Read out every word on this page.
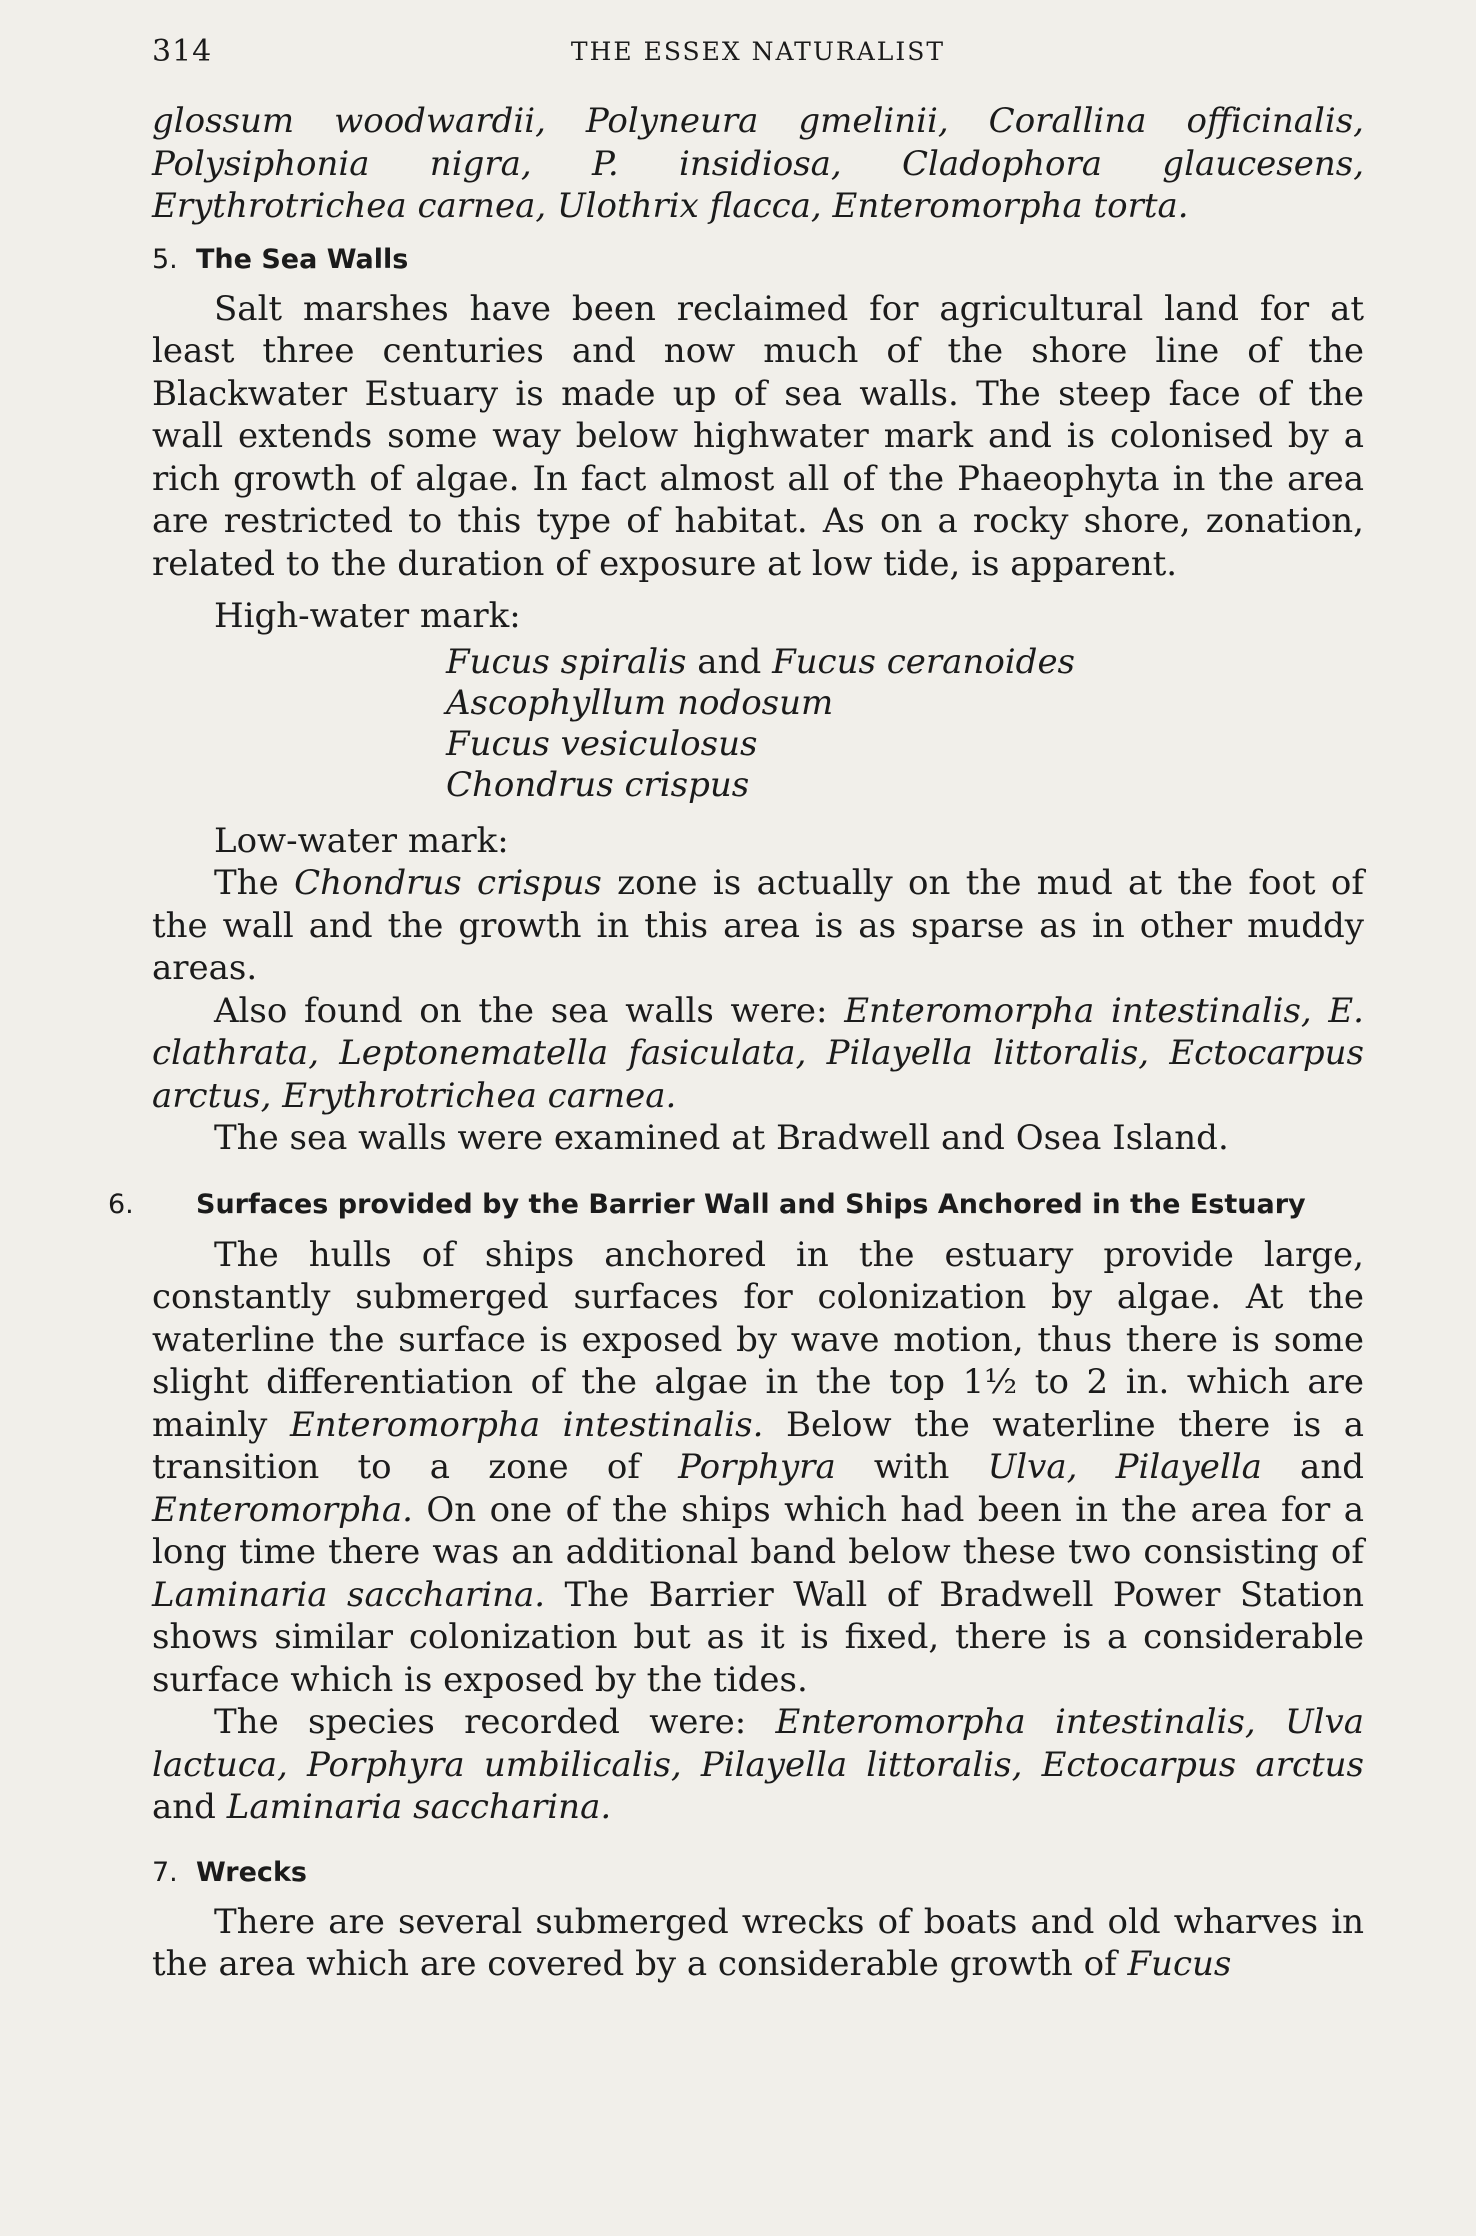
314	THE ESSEX NATURALIST

glossum woodwardii, Polyneura gmelinii, Corallina officinalis, Polysiphonia nigra, P. insidiosa, Cladophora glaucesens, Erythrotrichea carnea, Ulothrix flacca, Enteromorpha torta.

5. The Sea Walls

Salt marshes have been reclaimed for agricultural land for at least three centuries and now much of the shore line of the Blackwater Estuary is made up of sea walls. The steep face of the wall extends some way below highwater mark and is colonised by a rich growth of algae. In fact almost all of the Phaeophyta in the area are restricted to this type of habitat. As on a rocky shore, zonation, related to the duration of exposure at low tide, is apparent.

High-water mark:

Fucus spiralis and Fucus ceranoides
Ascophyllum nodosum
Fucus vesiculosus
Chondrus crispus

Low-water mark:

The Chondrus crispus zone is actually on the mud at the foot of the wall and the growth in this area is as sparse as in other muddy areas.

Also found on the sea walls were: Enteromorpha intestinalis, E. clathrata, Leptonematella fasiculata, Pilayella littoralis, Ectocarpus arctus, Erythrotrichea carnea.

The sea walls were examined at Bradwell and Osea Island.

6. Surfaces provided by the Barrier Wall and Ships Anchored in the Estuary

The hulls of ships anchored in the estuary provide large, constantly submerged surfaces for colonization by algae. At the waterline the surface is exposed by wave motion, thus there is some slight differentiation of the algae in the top 1½ to 2 in. which are mainly Enteromorpha intestinalis. Below the waterline there is a transition to a zone of Porphyra with Ulva, Pilayella and Enteromorpha. On one of the ships which had been in the area for a long time there was an additional band below these two consisting of Laminaria saccharina. The Barrier Wall of Bradwell Power Station shows similar colonization but as it is fixed, there is a considerable surface which is exposed by the tides.

The species recorded were: Enteromorpha intestinalis, Ulva lactuca, Porphyra umbilicalis, Pilayella littoralis, Ectocarpus arctus and Laminaria saccharina.

7. Wrecks

There are several submerged wrecks of boats and old wharves in the area which are covered by a considerable growth of Fucus
